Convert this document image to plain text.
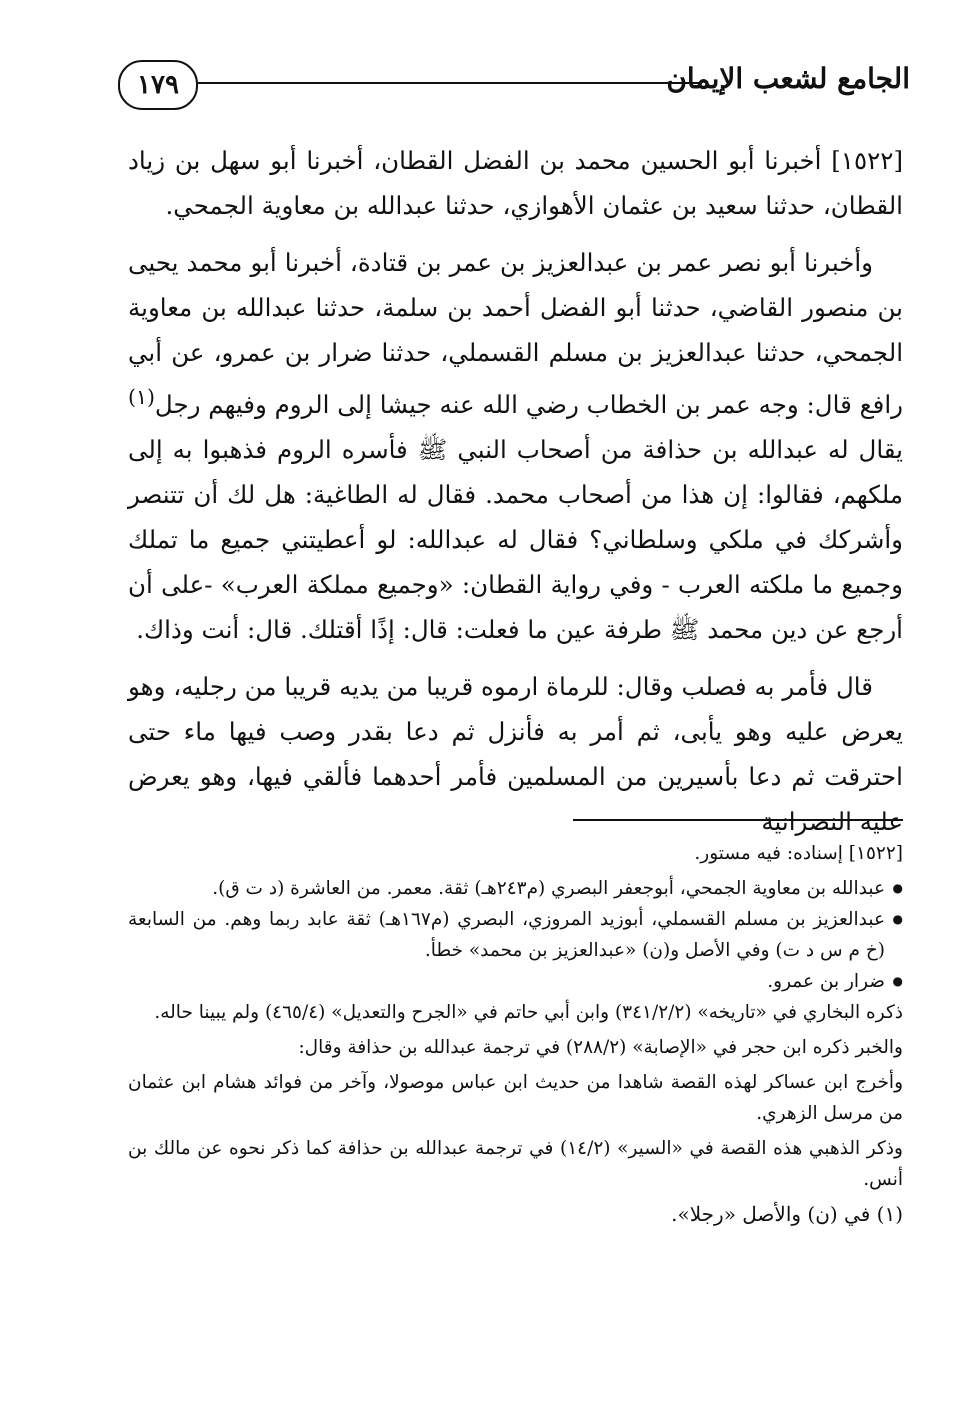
الجامع لشعب الإيمان
١٧٩

[١٥٢٢] أخبرنا أبو الحسين محمد بن الفضل القطان، أخبرنا أبو سهل بن زياد القطان، حدثنا سعيد بن عثمان الأهوازي، حدثنا عبدالله بن معاوية الجمحي.

وأخبرنا أبو نصر عمر بن عبدالعزيز بن عمر بن قتادة، أخبرنا أبو محمد يحيى بن منصور القاضي، حدثنا أبو الفضل أحمد بن سلمة، حدثنا عبدالله بن معاوية الجمحي، حدثنا عبدالعزيز بن مسلم القسملي، حدثنا ضرار بن عمرو، عن أبي رافع قال: وجه عمر بن الخطاب رضي الله عنه جيشا إلى الروم وفيهم رجل$^{(١)}$ يقال له عبدالله بن حذافة من أصحاب النبي ﷺ فأسره الروم فذهبوا به إلى ملكهم، فقالوا: إن هذا من أصحاب محمد. فقال له الطاغية: هل لك أن تتنصر وأشركك في ملكي وسلطاني؟ فقال له عبدالله: لو أعطيتني جميع ما تملك وجميع ما ملكته العرب - وفي رواية القطان: «وجميع مملكة العرب» -على أن أرجع عن دين محمد ﷺ طرفة عين ما فعلت: قال: إذًا أقتلك. قال: أنت وذاك.

قال فأمر به فصلب وقال: للرماة ارموه قريبا من يديه قريبا من رجليه، وهو يعرض عليه وهو يأبى، ثم أمر به فأنزل ثم دعا بقدر وصب فيها ماء حتى احترقت ثم دعا بأسيرين من المسلمين فأمر أحدهما فألقي فيها، وهو يعرض عليه النصرانية

[١٥٢٢] إسناده: فيه مستور.

● عبدالله بن معاوية الجمحي، أبوجعفر البصري (م٢٤٣هـ) ثقة. معمر. من العاشرة (د ت ق).
● عبدالعزيز بن مسلم القسملي، أبوزيد المروزي، البصري (م١٦٧هـ) ثقة عابد ربما وهم. من السابعة (خ م س د ت) وفي الأصل و(ن) «عبدالعزيز بن محمد» خطأ.
● ضرار بن عمرو.

ذكره البخاري في «تاريخه» (٣٤١/٢/٢) وابن أبي حاتم في «الجرح والتعديل» (٤٦٥/٤) ولم يبينا حاله.

والخبر ذكره ابن حجر في «الإصابة» (٢٨٨/٢) في ترجمة عبدالله بن حذافة وقال:

وأخرج ابن عساكر لهذه القصة شاهدا من حديث ابن عباس موصولا، وآخر من فوائد هشام ابن عثمان من مرسل الزهري.

وذكر الذهبي هذه القصة في «السير» (١٤/٢) في ترجمة عبدالله بن حذافة كما ذكر نحوه عن مالك بن أنس.

(١) في (ن) والأصل «رجلا».
